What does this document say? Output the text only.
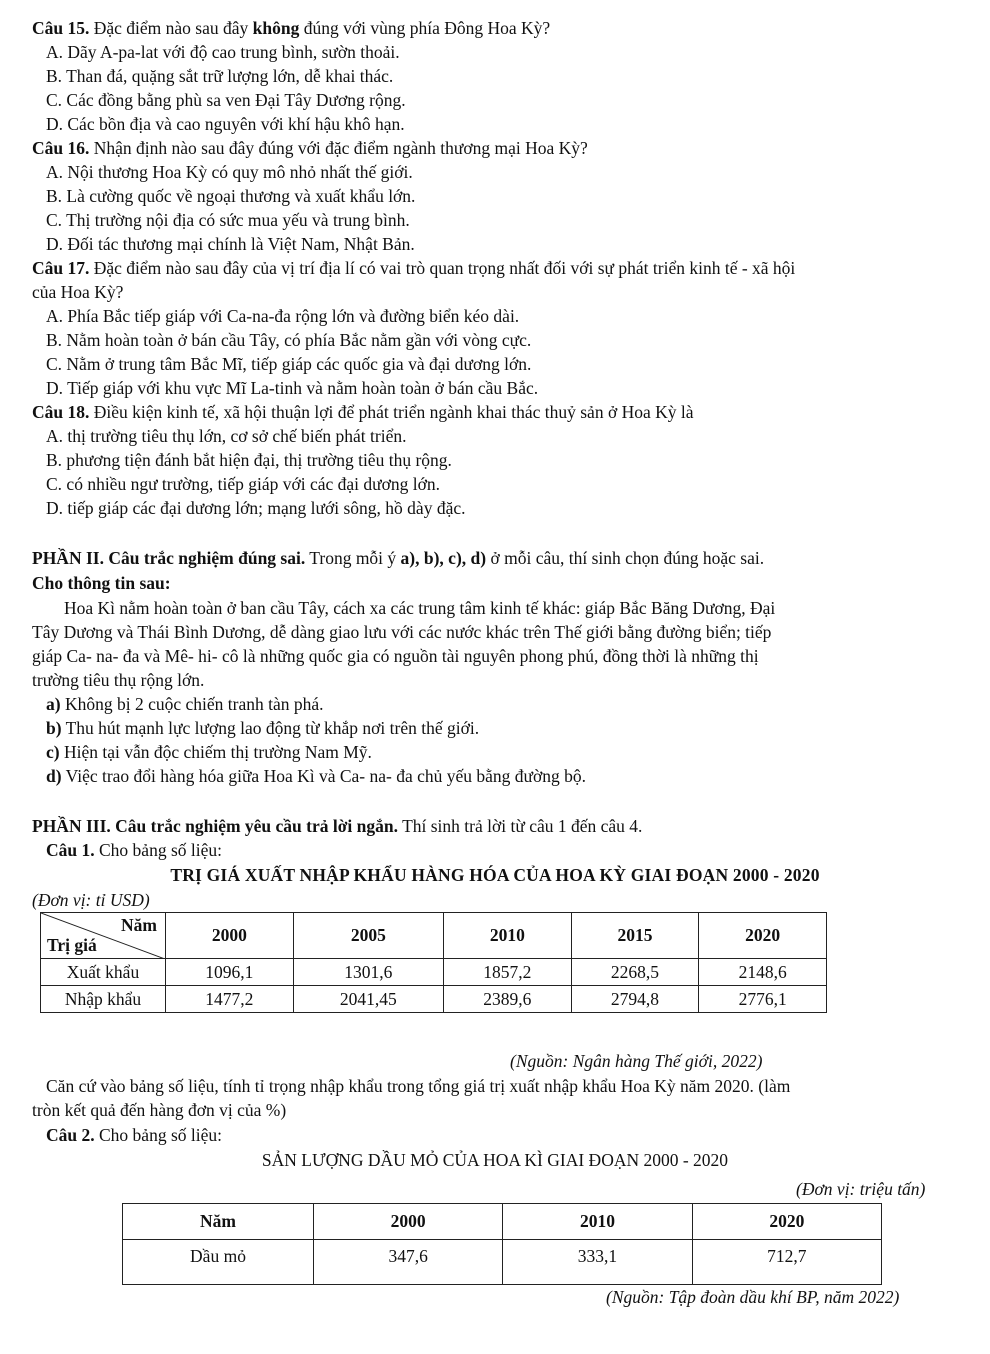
Câu 15. Đặc điểm nào sau đây không đúng với vùng phía Đông Hoa Kỳ?
A. Dãy A-pa-lat với độ cao trung bình, sườn thoải.
B. Than đá, quặng sắt trữ lượng lớn, dễ khai thác.
C. Các đồng bằng phù sa ven Đại Tây Dương rộng.
D. Các bồn địa và cao nguyên với khí hậu khô hạn.
Câu 16. Nhận định nào sau đây đúng với đặc điểm ngành thương mại Hoa Kỳ?
A. Nội thương Hoa Kỳ có quy mô nhỏ nhất thế giới.
B. Là cường quốc về ngoại thương và xuất khẩu lớn.
C. Thị trường nội địa có sức mua yếu và trung bình.
D. Đối tác thương mại chính là Việt Nam, Nhật Bản.
Câu 17. Đặc điểm nào sau đây của vị trí địa lí có vai trò quan trọng nhất đối với sự phát triển kinh tế - xã hội
của Hoa Kỳ?
A. Phía Bắc tiếp giáp với Ca-na-đa rộng lớn và đường biển kéo dài.
B. Nằm hoàn toàn ở bán cầu Tây, có phía Bắc nằm gần với vòng cực.
C. Nằm ở trung tâm Bắc Mĩ, tiếp giáp các quốc gia và đại dương lớn.
D. Tiếp giáp với khu vực Mĩ La-tinh và nằm hoàn toàn ở bán cầu Bắc.
Câu 18. Điều kiện kinh tế, xã hội thuận lợi để phát triển ngành khai thác thuỷ sản ở Hoa Kỳ là
A. thị trường tiêu thụ lớn, cơ sở chế biến phát triển.
B. phương tiện đánh bắt hiện đại, thị trường tiêu thụ rộng.
C. có nhiều ngư trường, tiếp giáp với các đại dương lớn.
D. tiếp giáp các đại dương lớn; mạng lưới sông, hồ dày đặc.
PHẦN II. Câu trắc nghiệm đúng sai. Trong mỗi ý a), b), c), d) ở mỗi câu, thí sinh chọn đúng hoặc sai.
Cho thông tin sau:
Hoa Kì nằm hoàn toàn ở ban cầu Tây, cách xa các trung tâm kinh tế khác: giáp Bắc Băng Dương, Đại
Tây Dương và Thái Bình Dương, dễ dàng giao lưu với các nước khác trên Thế giới bằng đường biển; tiếp
giáp Ca- na- đa và Mê- hi- cô là những quốc gia có nguồn tài nguyên phong phú, đồng thời là những thị
trường tiêu thụ rộng lớn.
a) Không bị 2 cuộc chiến tranh tàn phá.
b) Thu hút mạnh lực lượng lao động từ khắp nơi trên thế giới.
c) Hiện tại vẫn độc chiếm thị trường Nam Mỹ.
d) Việc trao đổi hàng hóa giữa Hoa Kì và Ca- na- đa chủ yếu bằng đường bộ.
PHẦN III. Câu trắc nghiệm yêu cầu trả lời ngắn. Thí sinh trả lời từ câu 1 đến câu 4.
Câu 1. Cho bảng số liệu:
TRỊ GIÁ XUẤT NHẬP KHẨU HÀNG HÓA CỦA HOA KỲ GIAI ĐOẠN 2000 - 2020
(Đơn vị: tỉ USD)
Năm
Trị giá	2000	2005	2010	2015	2020
Xuất khẩu	1096,1	1301,6	1857,2	2268,5	2148,6
Nhập khẩu	1477,2	2041,45	2389,6	2794,8	2776,1
(Nguồn: Ngân hàng Thế giới, 2022)
Căn cứ vào bảng số liệu, tính tỉ trọng nhập khẩu trong tổng giá trị xuất nhập khẩu Hoa Kỳ năm 2020. (làm
tròn kết quả đến hàng đơn vị của %)
Câu 2. Cho bảng số liệu:
SẢN LƯỢNG DẦU MỎ CỦA HOA KÌ GIAI ĐOẠN 2000 - 2020
(Đơn vị: triệu tấn)
Năm	2000	2010	2020
Dầu mỏ	347,6	333,1	712,7
(Nguồn: Tập đoàn dầu khí BP, năm 2022)
